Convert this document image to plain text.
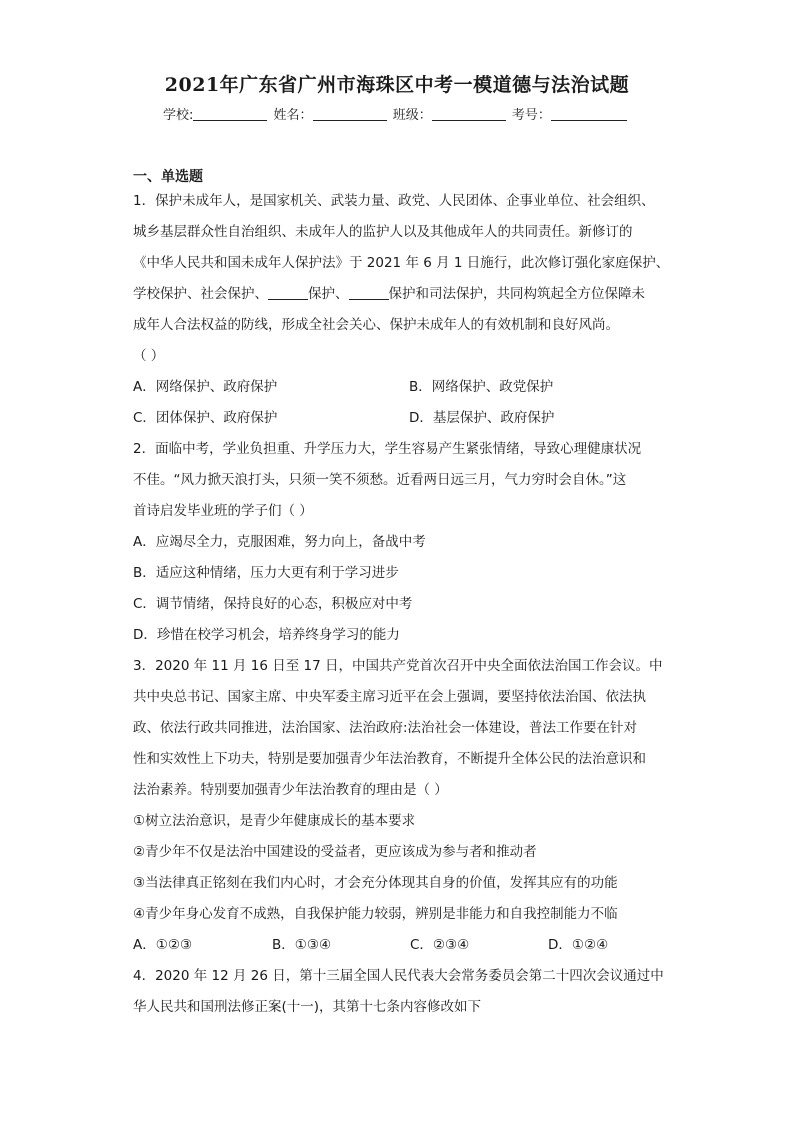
2021年广东省广州市海珠区中考一模道德与法治试题
学校:	姓名：	班级：	考号：
一、单选题
1．保护未成年人，是国家机关、武装力量、政党、人民团体、企事业单位、社会组织、
城乡基层群众性自治组织、未成年人的监护人以及其他成年人的共同责任。新修订的
《中华人民共和国未成年人保护法》于 2021 年 6 月 1 日施行，此次修订强化家庭保护、
学校保护、社会保护、	保护、	保护和司法保护，共同构筑起全方位保障未
成年人合法权益的防线，形成全社会关心、保护未成年人的有效机制和良好风尚。
（ ）
A．网络保护、政府保护	B．网络保护、政党保护
C．团体保护、政府保护	D．基层保护、政府保护
2．面临中考，学业负担重、升学压力大，学生容易产生紧张情绪，导致心理健康状况
不佳。“风力掀天浪打头，只须一笑不须愁。近看两日远三月，气力穷时会自休。”这
首诗启发毕业班的学子们（ ）
A．应竭尽全力，克服困难，努力向上，备战中考
B．适应这种情绪，压力大更有利于学习进步
C．调节情绪，保持良好的心态，积极应对中考
D．珍惜在校学习机会，培养终身学习的能力
3．2020 年 11 月 16 日至 17 日，中国共产党首次召开中央全面依法治国工作会议。中
共中央总书记、国家主席、中央军委主席习近平在会上强调，要坚持依法治国、依法执
政、依法行政共同推进，法治国家、法治政府:法治社会一体建设，普法工作要在针对
性和实效性上下功夫，特别是要加强青少年法治教育，不断提升全体公民的法治意识和
法治素养。特别要加强青少年法治教育的理由是（ ）
①树立法治意识，是青少年健康成长的基本要求
②青少年不仅是法治中国建设的受益者，更应该成为参与者和推动者
③当法律真正铭刻在我们内心时，才会充分体现其自身的价值，发挥其应有的功能
④青少年身心发育不成熟，自我保护能力较弱，辨别是非能力和自我控制能力不临
A．①②③	B．①③④	C．②③④	D．①②④
4．2020 年 12 月 26 日，第十三届全国人民代表大会常务委员会第二十四次会议通过中
华人民共和国刑法修正案(十一)，其第十七条内容修改如下
